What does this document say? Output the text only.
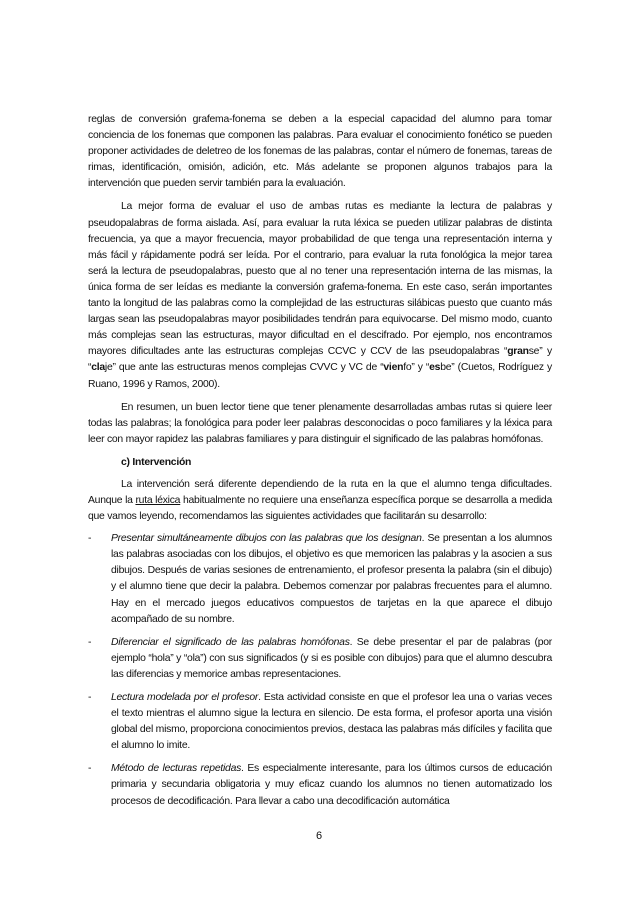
reglas de conversión grafema-fonema se deben a la especial capacidad del alumno para tomar conciencia de los fonemas que componen las palabras. Para evaluar el conocimiento fonético se pueden proponer actividades de deletreo de los fonemas de las palabras, contar el número de fonemas, tareas de rimas, identificación, omisión, adición, etc. Más adelante se proponen algunos trabajos para la intervención que pueden servir también para la evaluación.

La mejor forma de evaluar el uso de ambas rutas es mediante la lectura de palabras y pseudopalabras de forma aislada. Así, para evaluar la ruta léxica se pueden utilizar palabras de distinta frecuencia, ya que a mayor frecuencia, mayor probabilidad de que tenga una representación interna y más fácil y rápidamente podrá ser leída. Por el contrario, para evaluar la ruta fonológica la mejor tarea será la lectura de pseudopalabras, puesto que al no tener una representación interna de las mismas, la única forma de ser leídas es mediante la conversión grafema-fonema. En este caso, serán importantes tanto la longitud de las palabras como la complejidad de las estructuras silábicas puesto que cuanto más largas sean las pseudopalabras mayor posibilidades tendrán para equivocarse. Del mismo modo, cuanto más complejas sean las estructuras, mayor dificultad en el descifrado. Por ejemplo, nos encontramos mayores dificultades ante las estructuras complejas CCVC y CCV de las pseudopalabras “granse” y “claje” que ante las estructuras menos complejas CVVC y VC de “vienfo” y “esbe” (Cuetos, Rodríguez y Ruano, 1996 y Ramos, 2000).

En resumen, un buen lector tiene que tener plenamente desarrolladas ambas rutas si quiere leer todas las palabras; la fonológica para poder leer palabras desconocidas o poco familiares y la léxica para leer con mayor rapidez las palabras familiares y para distinguir el significado de las palabras homófonas.

c) Intervención

La intervención será diferente dependiendo de la ruta en la que el alumno tenga dificultades. Aunque la ruta léxica habitualmente no requiere una enseñanza específica porque se desarrolla a medida que vamos leyendo, recomendamos las siguientes actividades que facilitarán su desarrollo:

- Presentar simultáneamente dibujos con las palabras que los designan. Se presentan a los alumnos las palabras asociadas con los dibujos, el objetivo es que memoricen las palabras y la asocien a sus dibujos. Después de varias sesiones de entrenamiento, el profesor presenta la palabra (sin el dibujo) y el alumno tiene que decir la palabra. Debemos comenzar por palabras frecuentes para el alumno. Hay en el mercado juegos educativos compuestos de tarjetas en la que aparece el dibujo acompañado de su nombre.
- Diferenciar el significado de las palabras homófonas. Se debe presentar el par de palabras (por ejemplo “hola” y “ola”) con sus significados (y si es posible con dibujos) para que el alumno descubra las diferencias y memorice ambas representaciones.
- Lectura modelada por el profesor. Esta actividad consiste en que el profesor lea una o varias veces el texto mientras el alumno sigue la lectura en silencio. De esta forma, el profesor aporta una visión global del mismo, proporciona conocimientos previos, destaca las palabras más difíciles y facilita que el alumno lo imite.
- Método de lecturas repetidas. Es especialmente interesante, para los últimos cursos de educación primaria y secundaria obligatoria y muy eficaz cuando los alumnos no tienen automatizado los procesos de decodificación. Para llevar a cabo una decodificación automática
6
